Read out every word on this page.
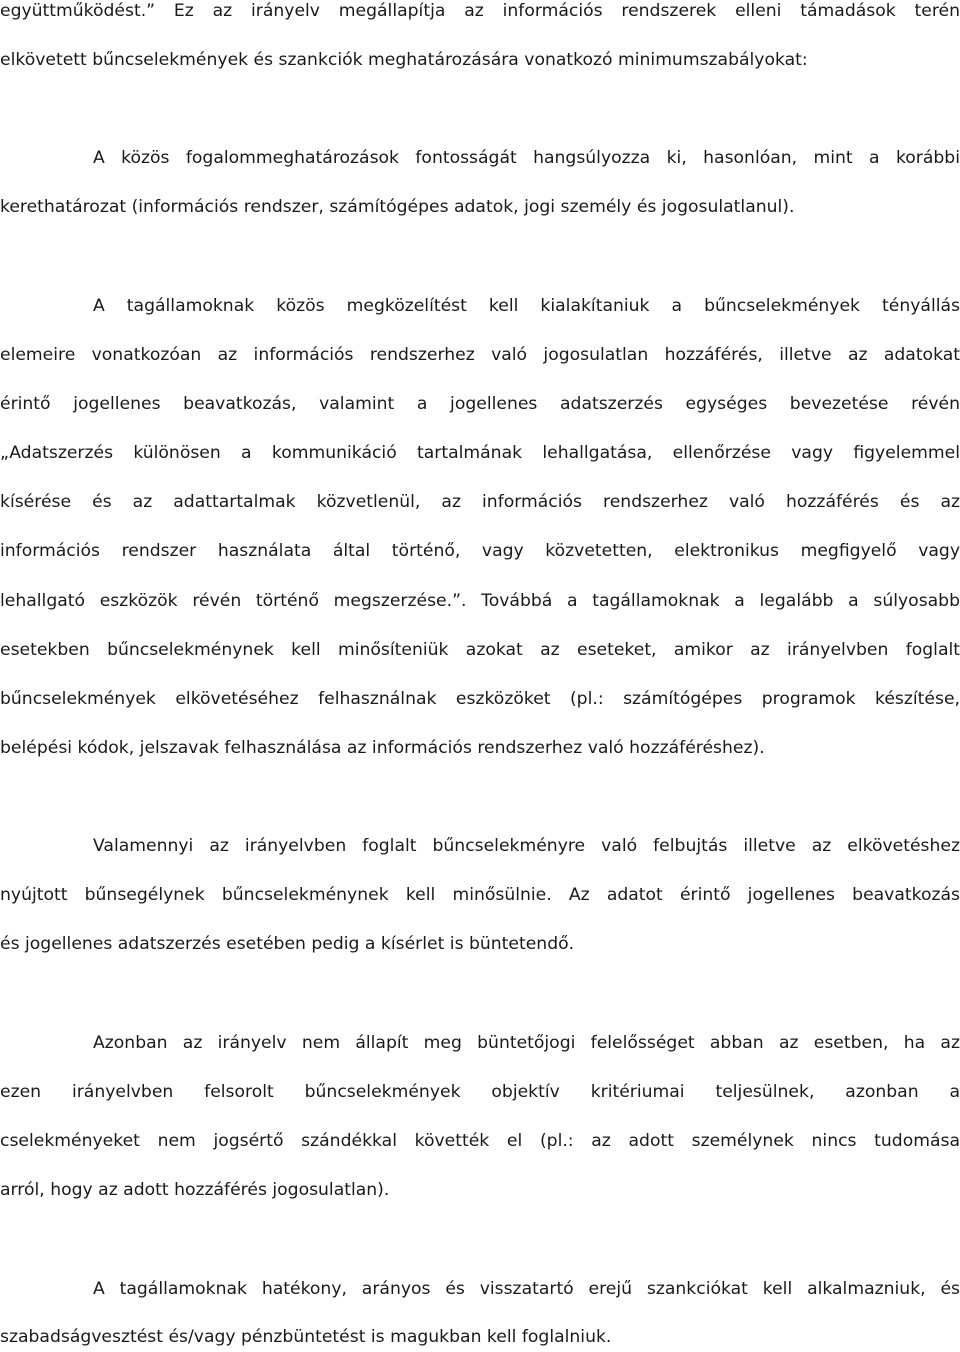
együttműködést.” Ez az irányelv megállapítja az információs rendszerek elleni támadások terén
elkövetett bűncselekmények és szankciók meghatározására vonatkozó minimumszabályokat:
A közös fogalommeghatározások fontosságát hangsúlyozza ki, hasonlóan, mint a korábbi
kerethatározat (információs rendszer, számítógépes adatok, jogi személy és jogosulatlanul).
A tagállamoknak közös megközelítést kell kialakítaniuk a bűncselekmények tényállás
elemeire vonatkozóan az információs rendszerhez való jogosulatlan hozzáférés, illetve az adatokat
érintő jogellenes beavatkozás, valamint a jogellenes adatszerzés egységes bevezetése révén
„Adatszerzés különösen a kommunikáció tartalmának lehallgatása, ellenőrzése vagy figyelemmel
kísérése és az adattartalmak közvetlenül, az információs rendszerhez való hozzáférés és az
információs rendszer használata által történő, vagy közvetetten, elektronikus megfigyelő vagy
lehallgató eszközök révén történő megszerzése.”. Továbbá a tagállamoknak a legalább a súlyosabb
esetekben bűncselekménynek kell minősíteniük azokat az eseteket, amikor az irányelvben foglalt
bűncselekmények elkövetéséhez felhasználnak eszközöket (pl.: számítógépes programok készítése,
belépési kódok, jelszavak felhasználása az információs rendszerhez való hozzáféréshez).
Valamennyi az irányelvben foglalt bűncselekményre való felbujtás illetve az elkövetéshez
nyújtott bűnsegélynek bűncselekménynek kell minősülnie. Az adatot érintő jogellenes beavatkozás
és jogellenes adatszerzés esetében pedig a kísérlet is büntetendő.
Azonban az irányelv nem állapít meg büntetőjogi felelősséget abban az esetben, ha az
ezen irányelvben felsorolt bűncselekmények objektív kritériumai teljesülnek, azonban a
cselekményeket nem jogsértő szándékkal követték el (pl.: az adott személynek nincs tudomása
arról, hogy az adott hozzáférés jogosulatlan).
A tagállamoknak hatékony, arányos és visszatartó erejű szankciókat kell alkalmazniuk, és
szabadságvesztést és/vagy pénzbüntetést is magukban kell foglalniuk.
